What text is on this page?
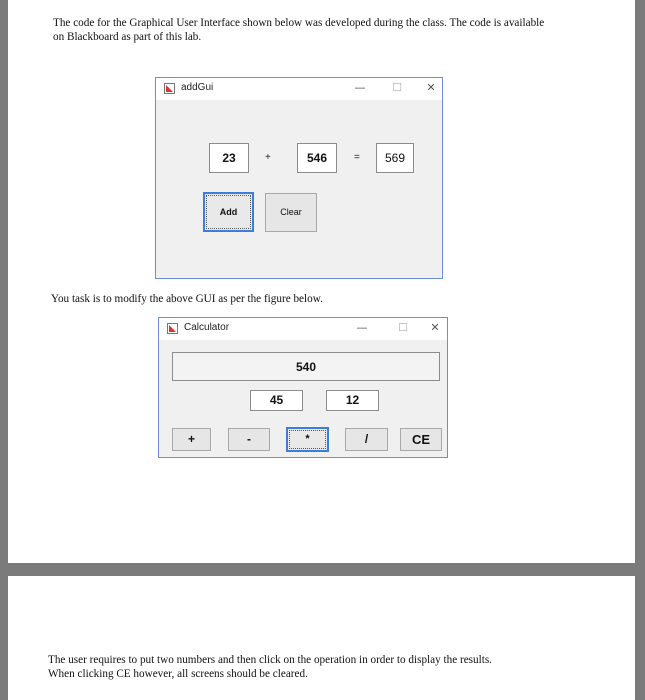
The code for the Graphical User Interface shown below was developed during the class. The code is available

on Blackboard as part of this lab.

addGui	— ☐	✕
23	+	546	=	569
Add	Clear

You task is to modify the above GUI as per the figure below.

Calculator	—	☐	✕
540
45	12
+	-	*	/	CE

The user requires to put two numbers and then click on the operation in order to display the results.

When clicking CE however, all screens should be cleared.
